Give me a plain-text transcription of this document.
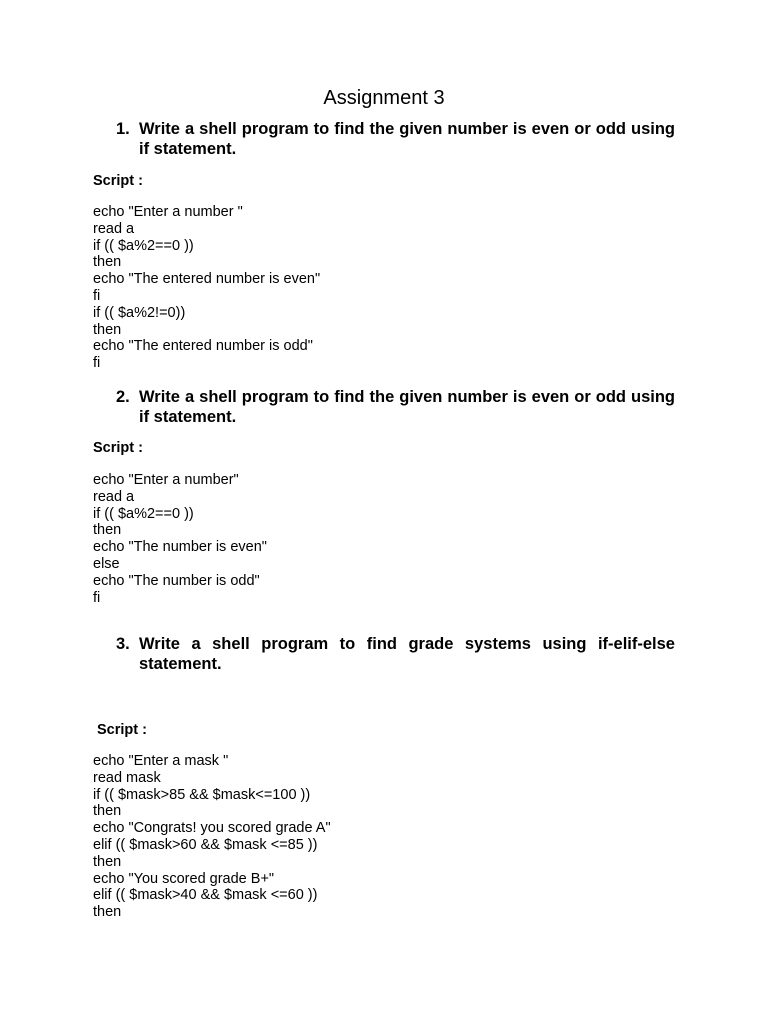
Assignment 3
1. Write a shell program to find the given number is even or odd using if statement.
Script :
echo "Enter a number "
read a
if (( $a%2==0 ))
then
echo "The entered number is even"
fi
if (( $a%2!=0))
then
echo "The entered number is odd"
fi
2. Write a shell program to find the given number is even or odd using if statement.
Script :
echo "Enter a number"
read a
if (( $a%2==0 ))
then
echo "The number is even"
else
echo "The number is odd"
fi
3. Write a shell program to find grade systems using if-elif-else statement.
Script :
echo "Enter a mask "
read mask
if (( $mask>85 && $mask<=100 ))
then
echo "Congrats! you scored grade A"
elif (( $mask>60 && $mask <=85 ))
then
echo "You scored grade B+"
elif (( $mask>40 && $mask <=60 ))
then
